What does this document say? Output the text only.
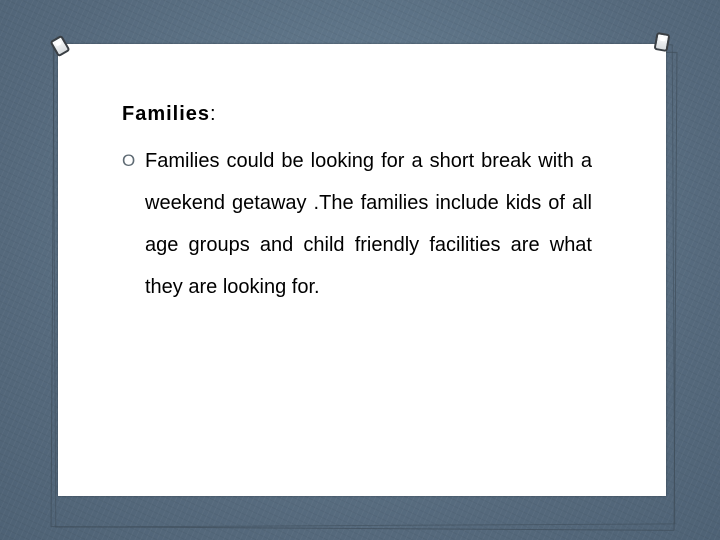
Families:
O Families could be looking for a short break with a weekend getaway .The families include kids of all age groups and child friendly facilities are what they are looking for.
